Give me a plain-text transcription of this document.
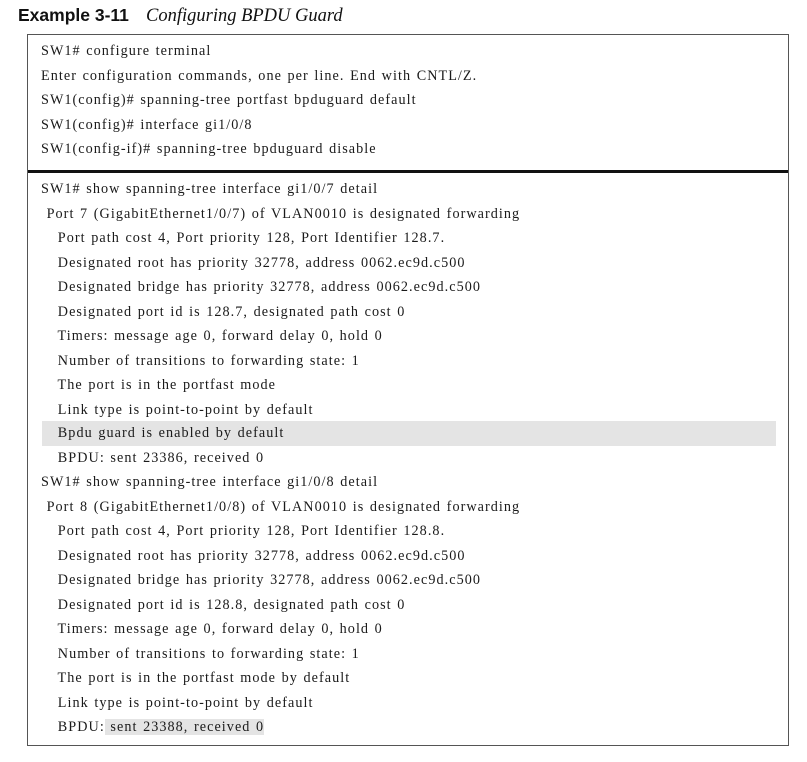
Example 3-11 Configuring BPDU Guard
SW1# configure terminal
Enter configuration commands, one per line. End with CNTL/Z.
SW1(config)# spanning-tree portfast bpduguard default
SW1(config)# interface gi1/0/8
SW1(config-if)# spanning-tree bpduguard disable
SW1# show spanning-tree interface gi1/0/7 detail
Port 7 (GigabitEthernet1/0/7) of VLAN0010 is designated forwarding
Port path cost 4, Port priority 128, Port Identifier 128.7.
Designated root has priority 32778, address 0062.ec9d.c500
Designated bridge has priority 32778, address 0062.ec9d.c500
Designated port id is 128.7, designated path cost 0
Timers: message age 0, forward delay 0, hold 0
Number of transitions to forwarding state: 1
The port is in the portfast mode
Link type is point-to-point by default
Bpdu guard is enabled by default
BPDU: sent 23386, received 0
SW1# show spanning-tree interface gi1/0/8 detail
Port 8 (GigabitEthernet1/0/8) of VLAN0010 is designated forwarding
Port path cost 4, Port priority 128, Port Identifier 128.8.
Designated root has priority 32778, address 0062.ec9d.c500
Designated bridge has priority 32778, address 0062.ec9d.c500
Designated port id is 128.8, designated path cost 0
Timers: message age 0, forward delay 0, hold 0
Number of transitions to forwarding state: 1
The port is in the portfast mode by default
Link type is point-to-point by default
BPDU: sent 23388, received 0
